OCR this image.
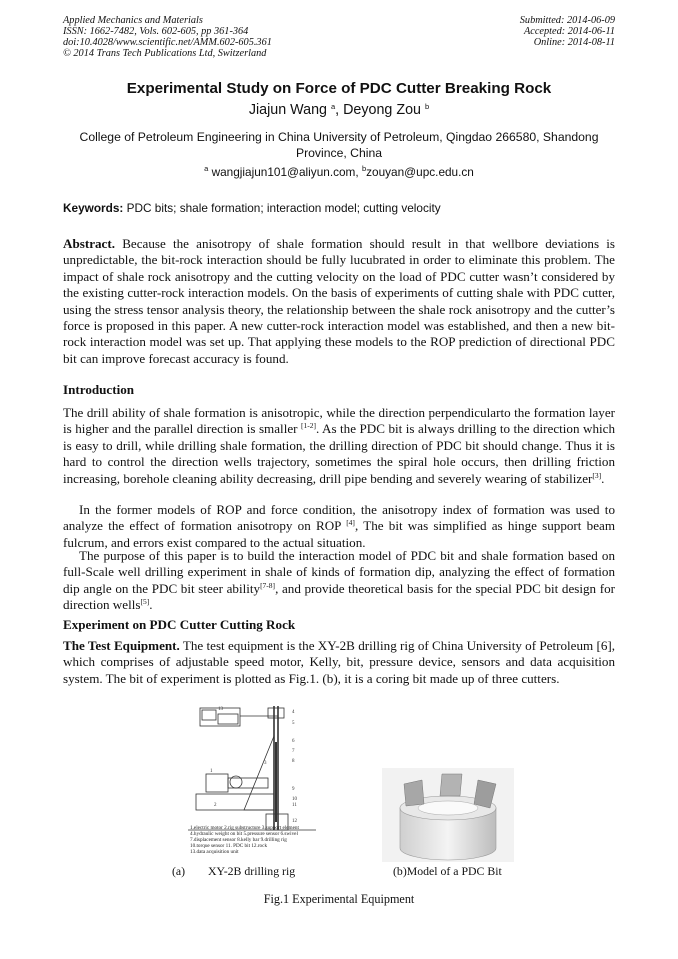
Applied Mechanics and Materials
ISSN: 1662-7482, Vols. 602-605, pp 361-364
doi:10.4028/www.scientific.net/AMM.602-605.361
© 2014 Trans Tech Publications Ltd, Switzerland
Submitted: 2014-06-09
Accepted: 2014-06-11
Online: 2014-08-11
Experimental Study on Force of PDC Cutter Breaking Rock
Jiajun Wang $^a$, Deyong Zou $^b$
College of Petroleum Engineering in China University of Petroleum, Qingdao 266580, Shandong Province, China
$^a$ wangjiajun101@aliyun.com, $^b$zouyan@upc.edu.cn
Keywords: PDC bits; shale formation; interaction model; cutting velocity

Abstract. Because the anisotropy of shale formation should result in that wellbore deviations is unpredictable, the bit-rock interaction should be fully lucubrated in order to eliminate this problem. The impact of shale rock anisotropy and the cutting velocity on the load of PDC cutter wasn’t considered by the existing cutter-rock interaction models. On the basis of experiments of cutting shale with PDC cutter, using the stress tensor analysis theory, the relationship between the shale rock anisotropy and the cutter’s force is proposed in this paper. A new cutter-rock interaction model was established, and then a new bit-rock interaction model was set up. That applying these models to the ROP prediction of directional PDC bit can improve forecast accuracy is found.

Introduction

The drill ability of shale formation is anisotropic, while the direction perpendicularto the formation layer is higher and the parallel direction is smaller [1-2]. As the PDC bit is always drilling to the direction which is easy to drill, while drilling shale formation, the drilling direction of PDC bit should change. Thus it is hard to control the direction wells trajectory, sometimes the spiral hole occurs, then drilling friction increasing, borehole cleaning ability decreasing, drill pipe bending and severely wearing of stabilizer[3].

In the former models of ROP and force condition, the anisotropy index of formation was used to analyze the effect of formation anisotropy on ROP [4], The bit was simplified as hinge support beam fulcrum, and errors exist compared to the actual situation.

The purpose of this paper is to build the interaction model of PDC bit and shale formation based on full-Scale well drilling experiment in shale of kinds of formation dip, analyzing the effect of formation dip angle on the PDC bit steer ability[7-8], and provide theoretical basis for the special PDC bit design for direction wells[5].

Experiment on PDC Cutter Cutting Rock

The Test Equipment. The test equipment is the XY-2B drilling rig of China University of Petroleum [6], which comprises of adjustable speed motor, Kelly, bit, pressure device, sensors and data acquisition system. The bit of experiment is plotted as Fig.1. (b), it is a coring bit made up of three cutters.

13
4
5
6
7
8
3
1
9
10
11
2
12
1.electric motor 2.rig substructure 3.support element
4.hydraulic weight on bit 5.pressure sensor 6.swivel
7.displacement sensor 8.kelly bar 9.drilling rig
10.torque sensor 11. PDC bit 12.rock
13.data acquisition unit
(a) XY-2B drilling rig	(b)Model of a PDC Bit
Fig.1 Experimental Equipment
